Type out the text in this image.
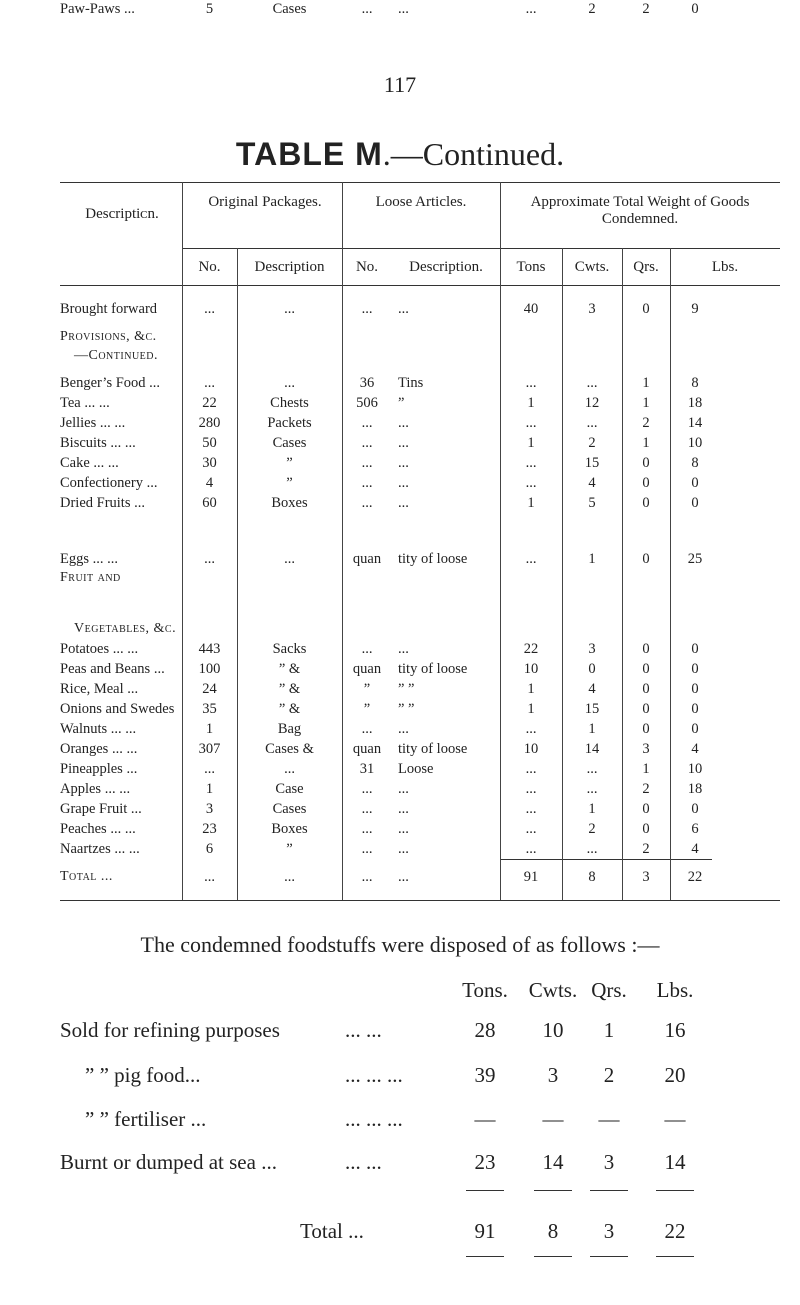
117
TABLE M.—Continued.
Descriptiᴄn.
Original Packages.	Loose Articles.	Approximate Total Weight of Goods Condemned.
No.	Description	No.	Description.	Tons	Cwts.	Qrs.	Lbs.
Brought forward	...	...	...	...	40	3	0	9
Provisions, &c.
—Continued.
Benger’s Food ...	...	...	36	Tins	...	...	1	8
Tea ... ...	22	Chests	506	”	1	12	1	18
Jellies ... ...	280	Packets	...	...	...	...	2	14
Biscuits ... ...	50	Cases	...	...	1	2	1	10
Cake ... ...	30	”	...	...	...	15	0	8
Confectionery ...	4	”	...	...	...	4	0	0
Dried Fruits ...	60	Boxes	...	...	1	5	0	0
Eggs ... ...	...	...	quan	tity of loose	...	1	0	25
Fruit and
Vegetables, &c.
Potatoes ... ...	443	Sacks	...	...	22	3	0	0
Peas and Beans ...	100	” &	quan	tity of loose	10	0	0	0
Rice, Meal ...	24	” &	”	” ”	1	4	0	0
Onions and Swedes	35	” &	”	” ”	1	15	0	0
Walnuts ... ...	1	Bag	...	...	...	1	0	0
Oranges ... ...	307	Cases &	quan	tity of loose	10	14	3	4
Pineapples ...	...	...	31	Loose	...	...	1	10
Apples ... ...	1	Case	...	...	...	...	2	18
Grape Fruit ...	3	Cases	...	...	...	1	0	0
Peaches ... ...	23	Boxes	...	...	...	2	0	6
Naartzes ... ...	6	”	...	...	...	...	2	4
Paw-Paws ...	5	Cases	...	...	...	2	2	0
Total ...	...	...	...	...	91	8	3	22
The condemned foodstuffs were disposed of as follows :—
Tons. Cwts. Qrs.	Lbs.
Sold for refining purposes	... ...	28	10	1	16
” ” pig food...	... ... ...	39	3	2	20
” ” fertiliser ...	... ... ...	—	—	—	—
Burnt or dumped at sea ...	... ...	23	14	3	14
Total ...	91	8	3	22
